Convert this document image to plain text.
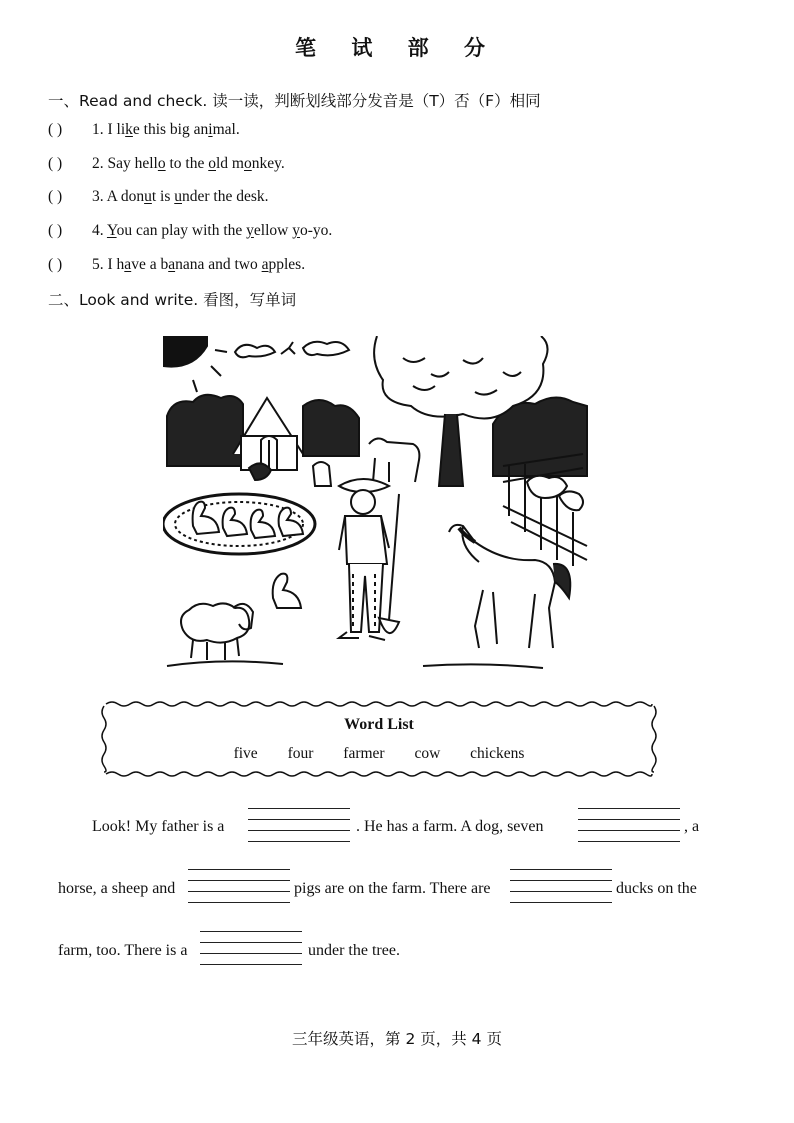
笔 试 部 分
一、Read and check. 读一读，判断划线部分发音是（T）否（F）相同
( ) 1. I like this big animal.
( ) 2. Say hello to the old monkey.
( ) 3. A donut is under the desk.
( ) 4. You can play with the yellow yo-yo.
( ) 5. I have a banana and two apples.
二、Look and write. 看图，写单词
Word List
five four farmer cow chickens
Look! My father is a	. He has a farm. A dog, seven	, a
horse, a sheep and	pigs are on the farm. There are	ducks on the
farm, too. There is a	under the tree.
三年级英语，第 2 页，共 4 页
